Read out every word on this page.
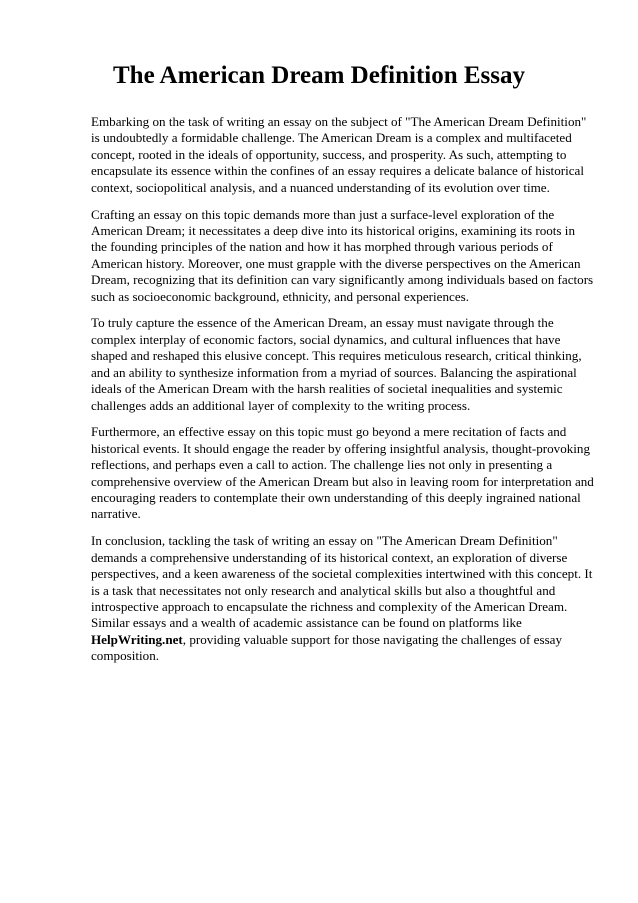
The American Dream Definition Essay

Embarking on the task of writing an essay on the subject of "The American Dream Definition" is undoubtedly a formidable challenge. The American Dream is a complex and multifaceted concept, rooted in the ideals of opportunity, success, and prosperity. As such, attempting to encapsulate its essence within the confines of an essay requires a delicate balance of historical context, sociopolitical analysis, and a nuanced understanding of its evolution over time.

Crafting an essay on this topic demands more than just a surface-level exploration of the American Dream; it necessitates a deep dive into its historical origins, examining its roots in the founding principles of the nation and how it has morphed through various periods of American history. Moreover, one must grapple with the diverse perspectives on the American Dream, recognizing that its definition can vary significantly among individuals based on factors such as socioeconomic background, ethnicity, and personal experiences.

To truly capture the essence of the American Dream, an essay must navigate through the complex interplay of economic factors, social dynamics, and cultural influences that have shaped and reshaped this elusive concept. This requires meticulous research, critical thinking, and an ability to synthesize information from a myriad of sources. Balancing the aspirational ideals of the American Dream with the harsh realities of societal inequalities and systemic challenges adds an additional layer of complexity to the writing process.

Furthermore, an effective essay on this topic must go beyond a mere recitation of facts and historical events. It should engage the reader by offering insightful analysis, thought-provoking reflections, and perhaps even a call to action. The challenge lies not only in presenting a comprehensive overview of the American Dream but also in leaving room for interpretation and encouraging readers to contemplate their own understanding of this deeply ingrained national narrative.

In conclusion, tackling the task of writing an essay on "The American Dream Definition" demands a comprehensive understanding of its historical context, an exploration of diverse perspectives, and a keen awareness of the societal complexities intertwined with this concept. It is a task that necessitates not only research and analytical skills but also a thoughtful and introspective approach to encapsulate the richness and complexity of the American Dream. Similar essays and a wealth of academic assistance can be found on platforms like HelpWriting.net, providing valuable support for those navigating the challenges of essay composition.
